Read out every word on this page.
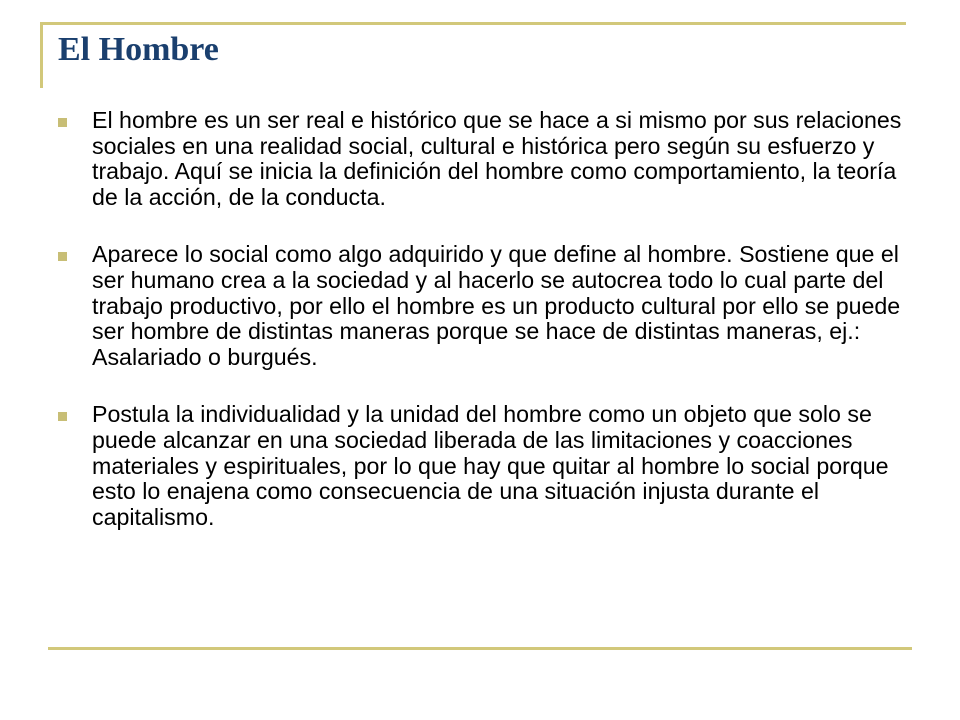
El Hombre
El hombre es un ser real e histórico que se hace a si mismo por sus relaciones sociales en una realidad social, cultural e histórica pero según su esfuerzo y trabajo. Aquí se inicia la definición del hombre como comportamiento, la teoría de la acción, de la conducta.
Aparece lo social como algo adquirido y que define al hombre. Sostiene que el ser humano crea a la sociedad y al hacerlo se autocrea todo lo cual parte del trabajo productivo, por ello el hombre es un producto cultural por ello se puede ser hombre de distintas maneras porque se hace de distintas maneras, ej.: Asalariado o burgués.
Postula la individualidad y la unidad del hombre como un objeto que solo se puede alcanzar en una sociedad liberada de las limitaciones y coacciones materiales y espirituales, por lo que hay que quitar al hombre lo social porque esto lo enajena como consecuencia de una situación injusta durante el capitalismo.
